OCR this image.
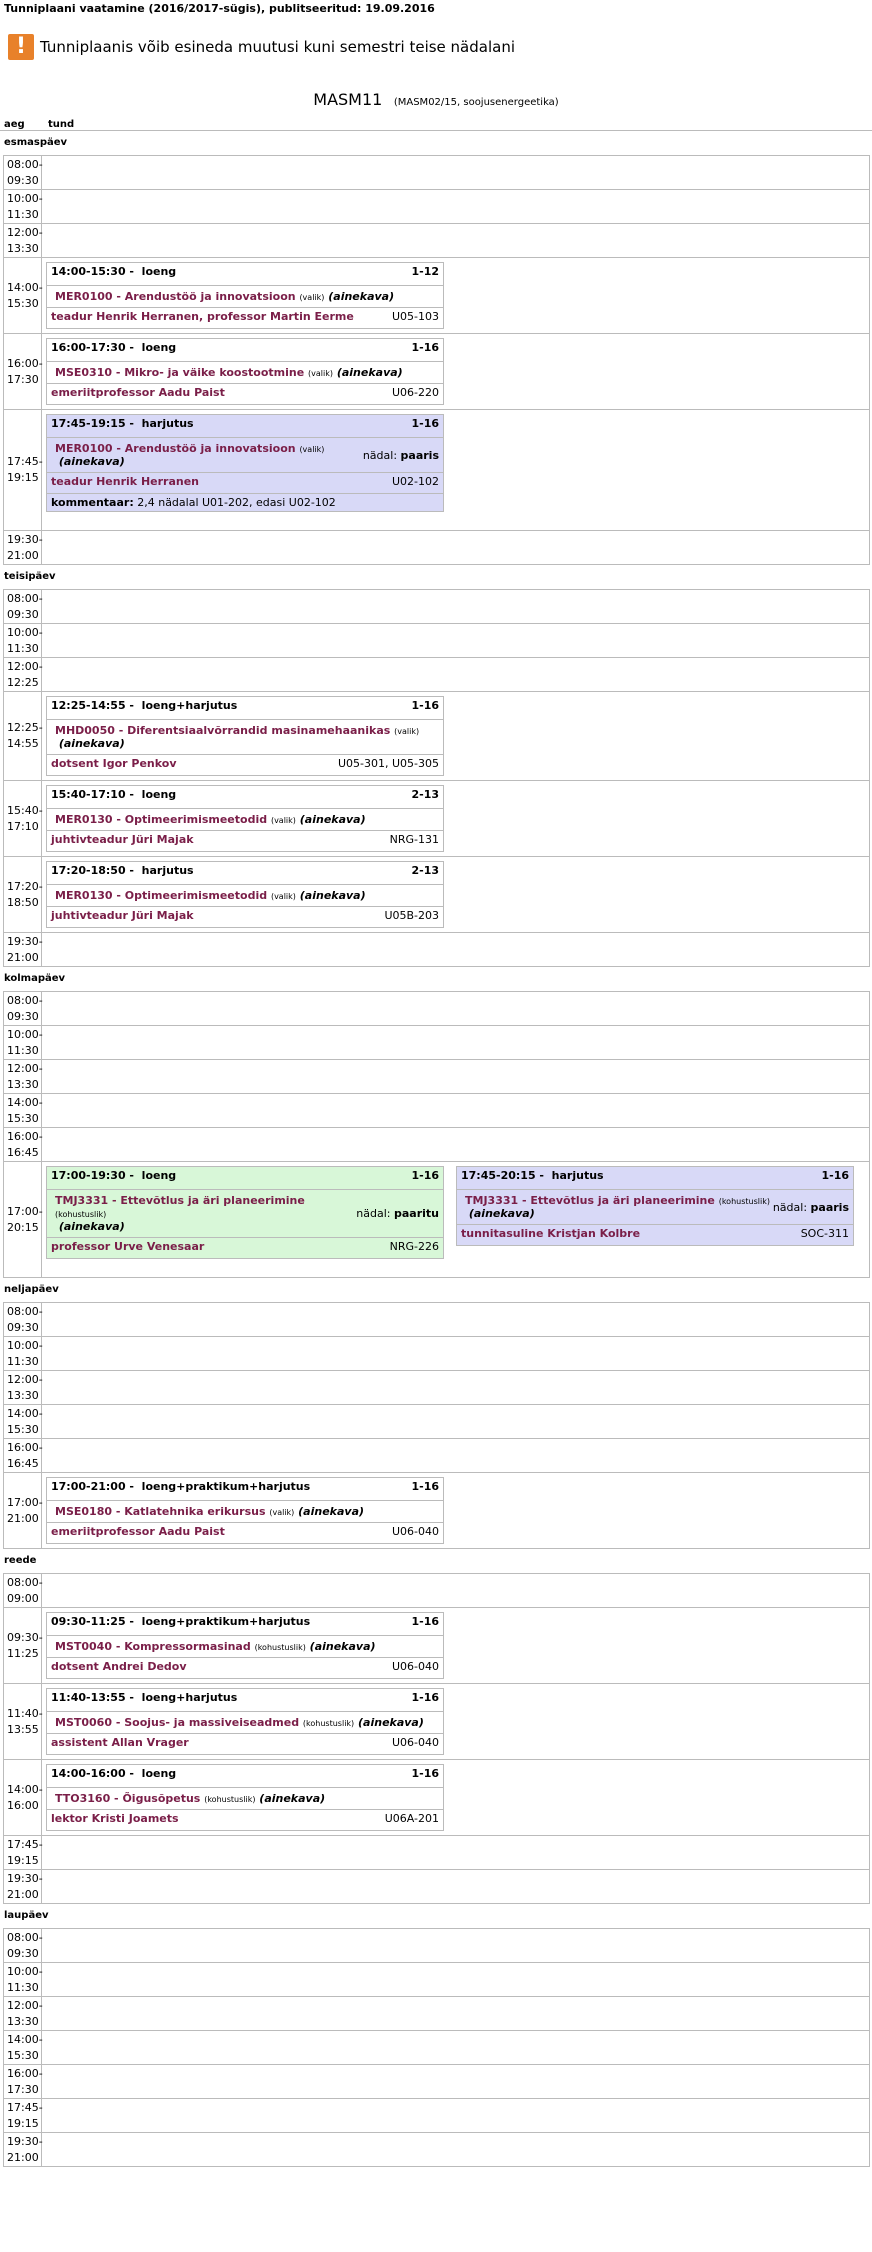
Tunniplaani vaatamine (2016/2017-sügis), publitseeritud: 19.09.2016
! Tunniplaanis võib esineda muutusi kuni semestri teise nädalani
MASM11 (MASM02/15, soojusenergeetika)
aeg	tund
esmaspäev
08:00-
09:30
10:00-
11:30
12:00-
13:30
14:00-
15:30
14:00-15:30 - loeng	1-12
MER0100 - Arendustöö ja innovatsioon (valik) (ainekava)
teadur Henrik Herranen, professor Martin Eerme	U05-103
16:00-
17:30
16:00-17:30 - loeng	1-16
MSE0310 - Mikro- ja väike koostootmine (valik) (ainekava)
emeriitprofessor Aadu Paist	U06-220
17:45-
19:15
17:45-19:15 - harjutus	1-16
MER0100 - Arendustöö ja innovatsioon (valik)
(ainekava)	nädal: paaris
teadur Henrik Herranen	U02-102
kommentaar: 2,4 nädalal U01-202, edasi U02-102
19:30-
21:00
teisipäev
08:00-
09:30
10:00-
11:30
12:00-
12:25
12:25-
14:55
12:25-14:55 - loeng+harjutus	1-16
MHD0050 - Diferentsiaalvõrrandid masinamehaanikas (valik)
(ainekava)
dotsent Igor Penkov	U05-301, U05-305
15:40-
17:10
15:40-17:10 - loeng	2-13
MER0130 - Optimeerimismeetodid (valik) (ainekava)
juhtivteadur Jüri Majak	NRG-131
17:20-
18:50
17:20-18:50 - harjutus	2-13
MER0130 - Optimeerimismeetodid (valik) (ainekava)
juhtivteadur Jüri Majak	U05B-203
19:30-
21:00
kolmapäev
08:00-
09:30
10:00-
11:30
12:00-
13:30
14:00-
15:30
16:00-
16:45
17:00-
20:15
17:00-19:30 - loeng	1-16
TMJ3331 - Ettevõtlus ja äri planeerimine (kohustuslik)
(ainekava)
nädal: paaritu
professor Urve Venesaar	NRG-226
17:45-20:15 - harjutus	1-16
TMJ3331 - Ettevõtlus ja äri planeerimine (kohustuslik)
(ainekava)	nädal: paaris
tunnitasuline Kristjan Kolbre	SOC-311
neljapäev
08:00-
09:30
10:00-
11:30
12:00-
13:30
14:00-
15:30
16:00-
16:45
17:00-
21:00
17:00-21:00 - loeng+praktikum+harjutus	1-16
MSE0180 - Katlatehnika erikursus (valik) (ainekava)
emeriitprofessor Aadu Paist	U06-040
reede
08:00-
09:00
09:30-
11:25
09:30-11:25 - loeng+praktikum+harjutus	1-16
MST0040 - Kompressormasinad (kohustuslik) (ainekava)
dotsent Andrei Dedov	U06-040
11:40-
13:55
11:40-13:55 - loeng+harjutus	1-16
MST0060 - Soojus- ja massiveiseadmed (kohustuslik) (ainekava)
assistent Allan Vrager	U06-040
14:00-
16:00
14:00-16:00 - loeng	1-16
TTO3160 - Õigusõpetus (kohustuslik) (ainekava)
lektor Kristi Joamets	U06A-201
17:45-
19:15
19:30-
21:00
laupäev
08:00-
09:30
10:00-
11:30
12:00-
13:30
14:00-
15:30
16:00-
17:30
17:45-
19:15
19:30-
21:00
